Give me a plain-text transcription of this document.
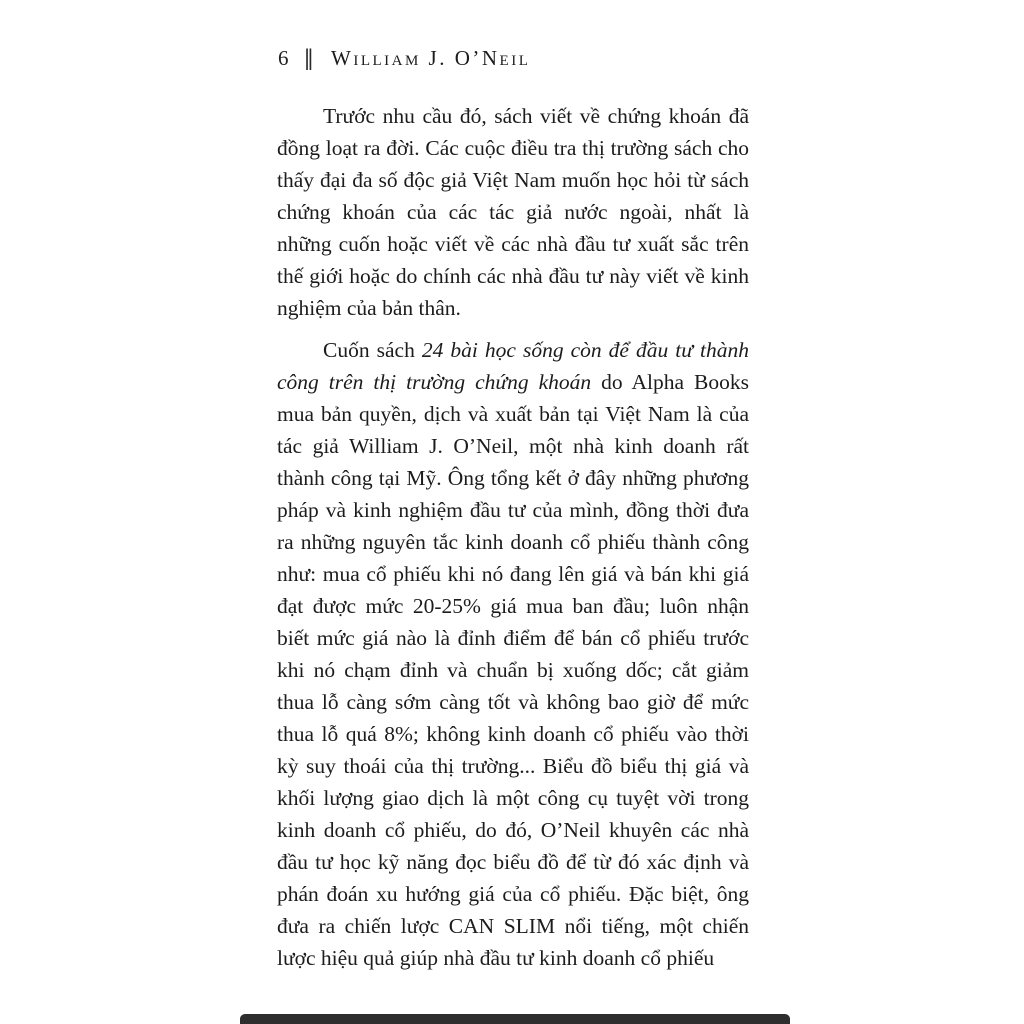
6 ‖ William J. O’Neil

Trước nhu cầu đó, sách viết về chứng khoán đã đồng loạt ra đời. Các cuộc điều tra thị trường sách cho thấy đại đa số độc giả Việt Nam muốn học hỏi từ sách chứng khoán của các tác giả nước ngoài, nhất là những cuốn hoặc viết về các nhà đầu tư xuất sắc trên thế giới hoặc do chính các nhà đầu tư này viết về kinh nghiệm của bản thân.

Cuốn sách 24 bài học sống còn để đầu tư thành công trên thị trường chứng khoán do Alpha Books mua bản quyền, dịch và xuất bản tại Việt Nam là của tác giả William J. O’Neil, một nhà kinh doanh rất thành công tại Mỹ. Ông tổng kết ở đây những phương pháp và kinh nghiệm đầu tư của mình, đồng thời đưa ra những nguyên tắc kinh doanh cổ phiếu thành công như: mua cổ phiếu khi nó đang lên giá và bán khi giá đạt được mức 20-25% giá mua ban đầu; luôn nhận biết mức giá nào là đỉnh điểm để bán cổ phiếu trước khi nó chạm đỉnh và chuẩn bị xuống dốc; cắt giảm thua lỗ càng sớm càng tốt và không bao giờ để mức thua lỗ quá 8%; không kinh doanh cổ phiếu vào thời kỳ suy thoái của thị trường... Biểu đồ biểu thị giá và khối lượng giao dịch là một công cụ tuyệt vời trong kinh doanh cổ phiếu, do đó, O’Neil khuyên các nhà đầu tư học kỹ năng đọc biểu đồ để từ đó xác định và phán đoán xu hướng giá của cổ phiếu. Đặc biệt, ông đưa ra chiến lược CAN SLIM nổi tiếng, một chiến lược hiệu quả giúp nhà đầu tư kinh doanh cổ phiếu
